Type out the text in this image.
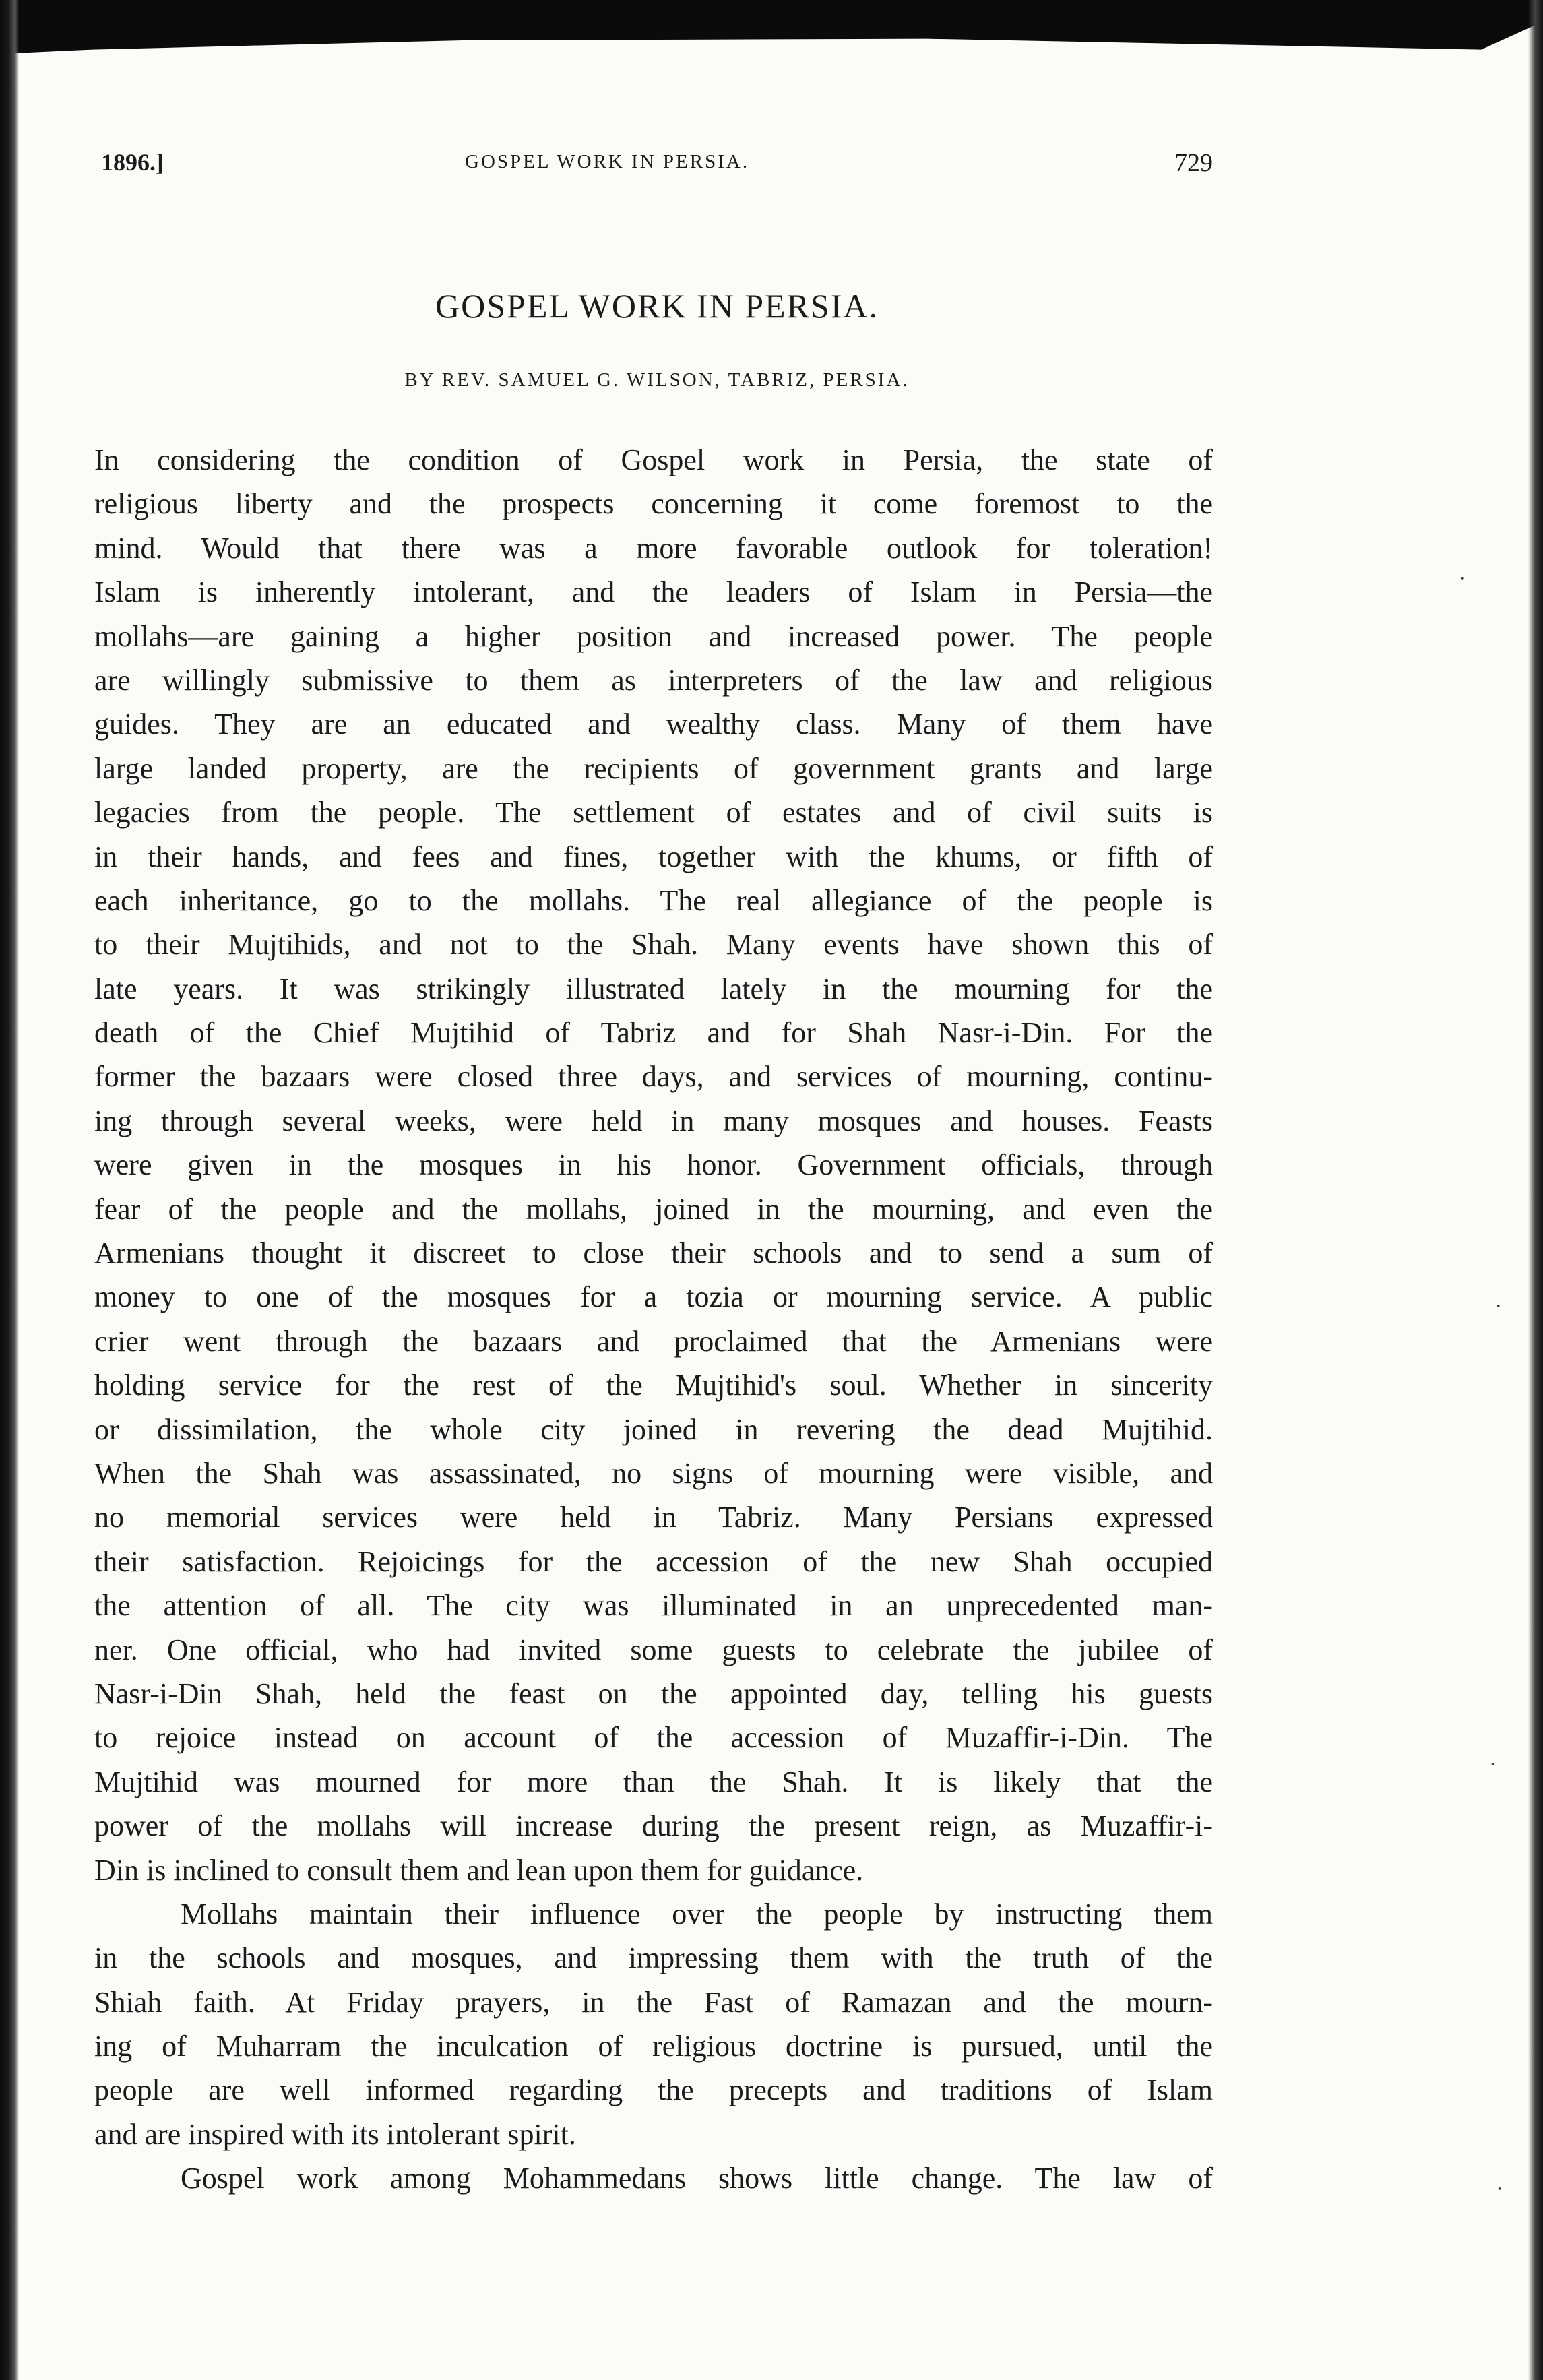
1896.]	GOSPEL WORK IN PERSIA.	729
GOSPEL WORK IN PERSIA.
BY REV. SAMUEL G. WILSON, TABRIZ, PERSIA.
In considering the condition of Gospel work in Persia, the state of
religious liberty and the prospects concerning it come foremost to the
mind. Would that there was a more favorable outlook for toleration!
Islam is inherently intolerant, and the leaders of Islam in Persia—the
mollahs—are gaining a higher position and increased power. The people
are willingly submissive to them as interpreters of the law and religious
guides. They are an educated and wealthy class. Many of them have
large landed property, are the recipients of government grants and large
legacies from the people. The settlement of estates and of civil suits is
in their hands, and fees and fines, together with the khums, or fifth of
each inheritance, go to the mollahs. The real allegiance of the people is
to their Mujtihids, and not to the Shah. Many events have shown this of
late years. It was strikingly illustrated lately in the mourning for the
death of the Chief Mujtihid of Tabriz and for Shah Nasr-i-Din. For the
former the bazaars were closed three days, and services of mourning, continu-
ing through several weeks, were held in many mosques and houses. Feasts
were given in the mosques in his honor. Government officials, through
fear of the people and the mollahs, joined in the mourning, and even the
Armenians thought it discreet to close their schools and to send a sum of
money to one of the mosques for a tozia or mourning service. A public
crier went through the bazaars and proclaimed that the Armenians were
holding service for the rest of the Mujtihid's soul. Whether in sincerity
or dissimilation, the whole city joined in revering the dead Mujtihid.
When the Shah was assassinated, no signs of mourning were visible, and
no memorial services were held in Tabriz. Many Persians expressed
their satisfaction. Rejoicings for the accession of the new Shah occupied
the attention of all. The city was illuminated in an unprecedented man-
ner. One official, who had invited some guests to celebrate the jubilee of
Nasr-i-Din Shah, held the feast on the appointed day, telling his guests
to rejoice instead on account of the accession of Muzaffir-i-Din. The
Mujtihid was mourned for more than the Shah. It is likely that the
power of the mollahs will increase during the present reign, as Muzaffir-i-
Din is inclined to consult them and lean upon them for guidance.
Mollahs maintain their influence over the people by instructing them
in the schools and mosques, and impressing them with the truth of the
Shiah faith. At Friday prayers, in the Fast of Ramazan and the mourn-
ing of Muharram the inculcation of religious doctrine is pursued, until the
people are well informed regarding the precepts and traditions of Islam
and are inspired with its intolerant spirit.
Gospel work among Mohammedans shows little change. The law of
·
·
·
·
